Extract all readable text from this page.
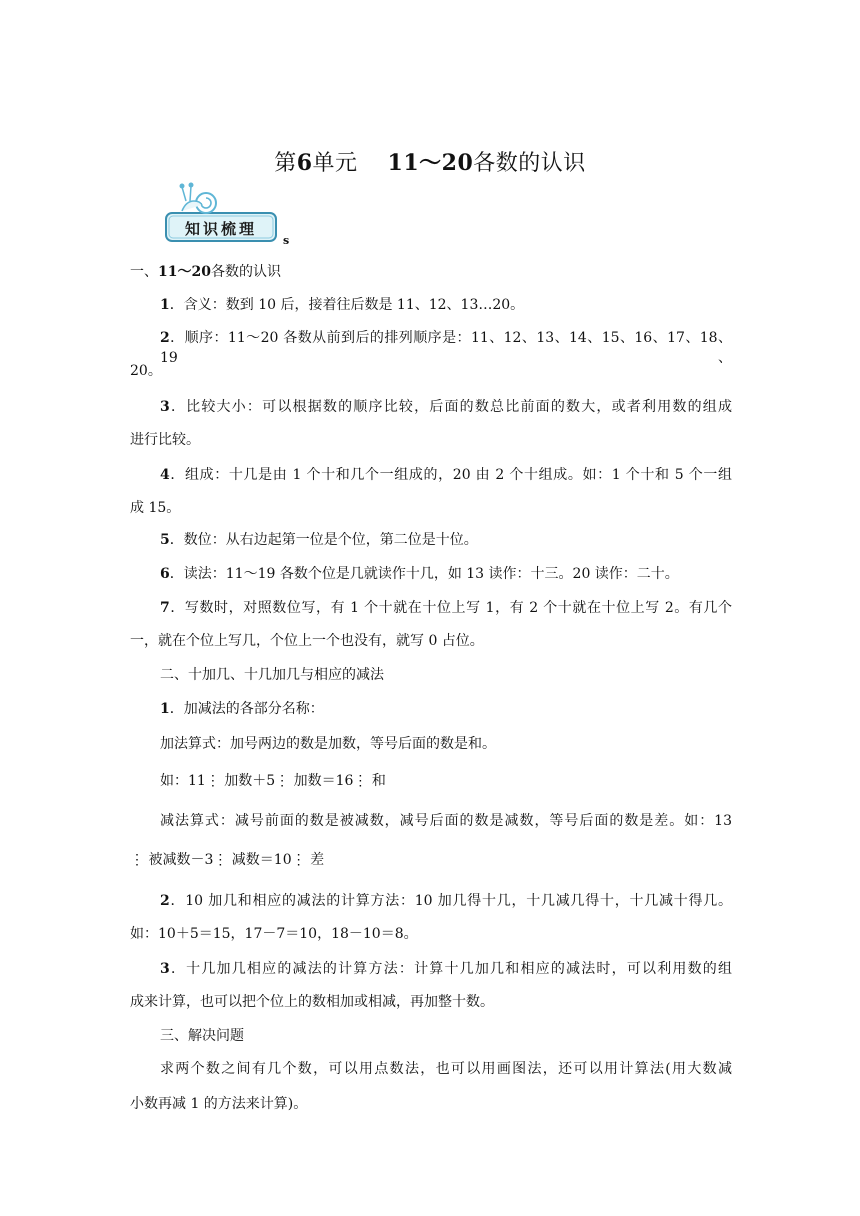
第6单元 11～20各数的认识
知识梳理
s
一、11～20各数的认识
1．含义：数到 10 后，接着往后数是 11、12、13…20。
2．顺序：11～20 各数从前到后的排列顺序是：11、12、13、14、15、16、17、18、19、
20。
3．比较大小：可以根据数的顺序比较，后面的数总比前面的数大，或者利用数的组成
进行比较。
4．组成：十几是由 1 个十和几个一组成的，20 由 2 个十组成。如：1 个十和 5 个一组
成 15。
5．数位：从右边起第一位是个位，第二位是十位。
6．读法：11～19 各数个位是几就读作十几，如 13 读作：十三。20 读作：二十。
7．写数时，对照数位写，有 1 个十就在十位上写 1，有 2 个十就在十位上写 2。有几个
一，就在个位上写几，个位上一个也没有，就写 0 占位。
二、十加几、十几加几与相应的减法
1．加减法的各部分名称：
加法算式：加号两边的数是加数，等号后面的数是和。
如：11⋮ 加数＋5⋮ 加数＝16⋮ 和
减法算式：减号前面的数是被减数，减号后面的数是减数，等号后面的数是差。如：13
⋮ 被减数－3⋮ 减数＝10⋮ 差
2．10 加几和相应的减法的计算方法：10 加几得十几，十几减几得十，十几减十得几。
如：10＋5＝15，17－7＝10，18－10＝8。
3．十几加几相应的减法的计算方法：计算十几加几和相应的减法时，可以利用数的组
成来计算，也可以把个位上的数相加或相减，再加整十数。
三、解决问题
求两个数之间有几个数，可以用点数法，也可以用画图法，还可以用计算法(用大数减
小数再减 1 的方法来计算)。
